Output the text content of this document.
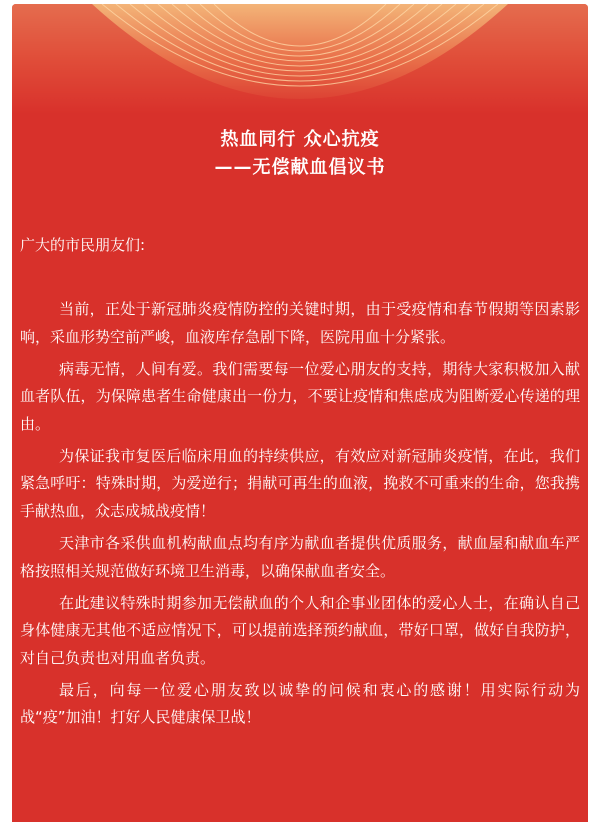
热血同行 众心抗疫
——无偿献血倡议书
广大的市民朋友们:

当前，正处于新冠肺炎疫情防控的关键时期，由于受疫情和春节假期等因素影响，采血形势空前严峻，血液库存急剧下降，医院用血十分紧张。

病毒无情，人间有爱。我们需要每一位爱心朋友的支持，期待大家积极加入献血者队伍，为保障患者生命健康出一份力，不要让疫情和焦虑成为阻断爱心传递的理由。

为保证我市复医后临床用血的持续供应，有效应对新冠肺炎疫情，在此，我们紧急呼吁：特殊时期，为爱逆行；捐献可再生的血液，挽救不可重来的生命，您我携手献热血，众志成城战疫情！

天津市各采供血机构献血点均有序为献血者提供优质服务，献血屋和献血车严格按照相关规范做好环境卫生消毒，以确保献血者安全。

在此建议特殊时期参加无偿献血的个人和企事业团体的爱心人士，在确认自己身体健康无其他不适应情况下，可以提前选择预约献血，带好口罩，做好自我防护，对自己负责也对用血者负责。

最后，向每一位爱心朋友致以诚挚的问候和衷心的感谢！用实际行动为战“疫”加油！打好人民健康保卫战！
